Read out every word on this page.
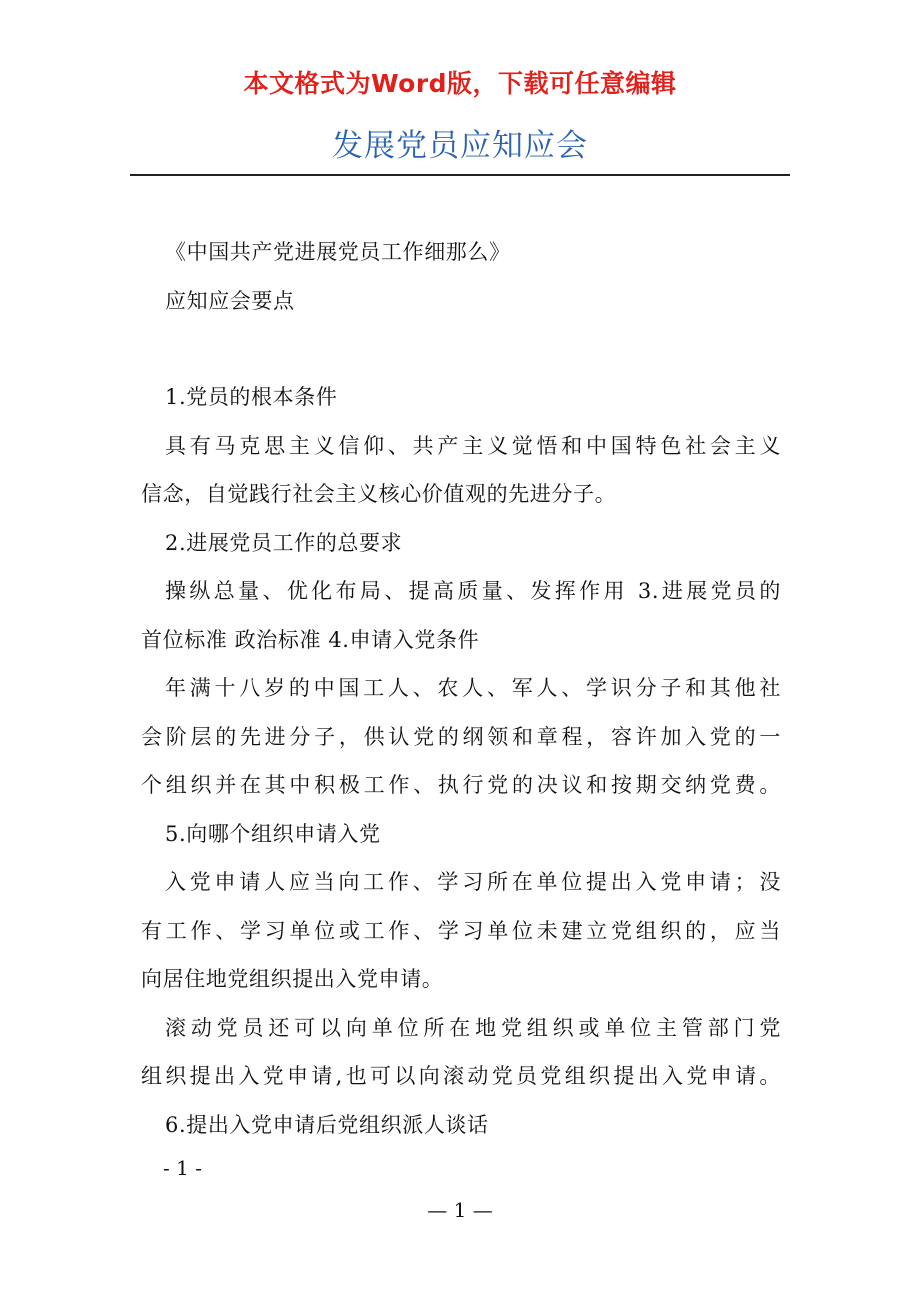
本文格式为Word版，下载可任意编辑
发展党员应知应会

《中国共产党进展党员工作细那么》

应知应会要点

1.党员的根本条件

具有马克思主义信仰、共产主义觉悟和中国特色社会主义

信念，自觉践行社会主义核心价值观的先进分子。

2.进展党员工作的总要求

操纵总量、优化布局、提高质量、发挥作用 3.进展党员的

首位标准 政治标准 4.申请入党条件

年满十八岁的中国工人、农人、军人、学识分子和其他社

会阶层的先进分子，供认党的纲领和章程，容许加入党的一

个组织并在其中积极工作、执行党的决议和按期交纳党费。

5.向哪个组织申请入党

入党申请人应当向工作、学习所在单位提出入党申请；没

有工作、学习单位或工作、学习单位未建立党组织的，应当

向居住地党组织提出入党申请。

滚动党员还可以向单位所在地党组织或单位主管部门党

组织提出入党申请,也可以向滚动党员党组织提出入党申请。

6.提出入党申请后党组织派人谈话

- 1 -
— 1 —
